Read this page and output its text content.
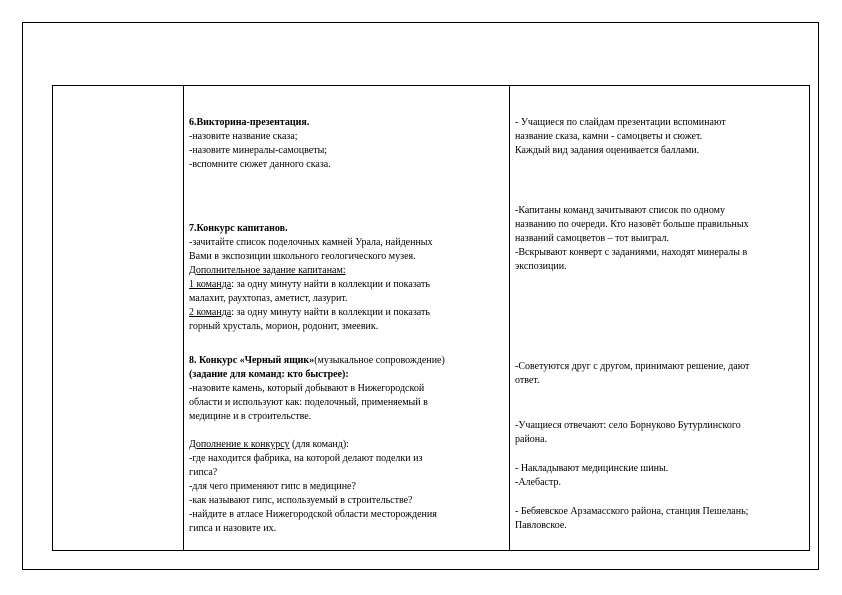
6.Викторина-презентация.
-назовите название сказа;
-назовите минералы-самоцветы;
-вспомните сюжет данного сказа.
7.Конкурс капитанов.
-зачитайте список поделочных камней Урала, найденных
Вами в экспозиции школьного геологического музея.
Дополнительное задание капитанам:
1 команда: за одну минуту найти в коллекции и показать
малахит, раухтопаз, аметист, лазурит.
2 команда: за одну минуту найти в коллекции и показать
горный хрусталь, морион, родонит, змеевик.
8. Конкурс «Черный ящик»(музыкальное сопровождение)
(задание для команд: кто быстрее):
-назовите камень, который добывают в Нижегородской
области и используют как: поделочный, применяемый в
медицине и в строительстве.
Дополнение к конкурсу (для команд):
-где находится фабрика, на которой делают поделки из
гипса?
-для чего применяют гипс в медицине?
-как называют гипс, используемый в строительстве?
-найдите в атласе Нижегородской области месторождения
гипса и назовите их.
- Учащиеся по слайдам презентации вспоминают
название сказа, камни - самоцветы и сюжет.
Каждый вид задания оценивается баллами.
-Капитаны команд зачитывают список по одному
названию по очереди. Кто назовёт больше правильных
названий самоцветов – тот выиграл.
-Вскрывают конверт с заданиями, находят минералы в
экспозиции.
-Советуются друг с другом, принимают решение, дают
ответ.
-Учащиеся отвечают: село Борнуково Бутурлинского
района.
- Накладывают медицинские шины.
-Алебастр.
- Бебяевское Арзамасского района, станция Пешелань;
Павловское.
